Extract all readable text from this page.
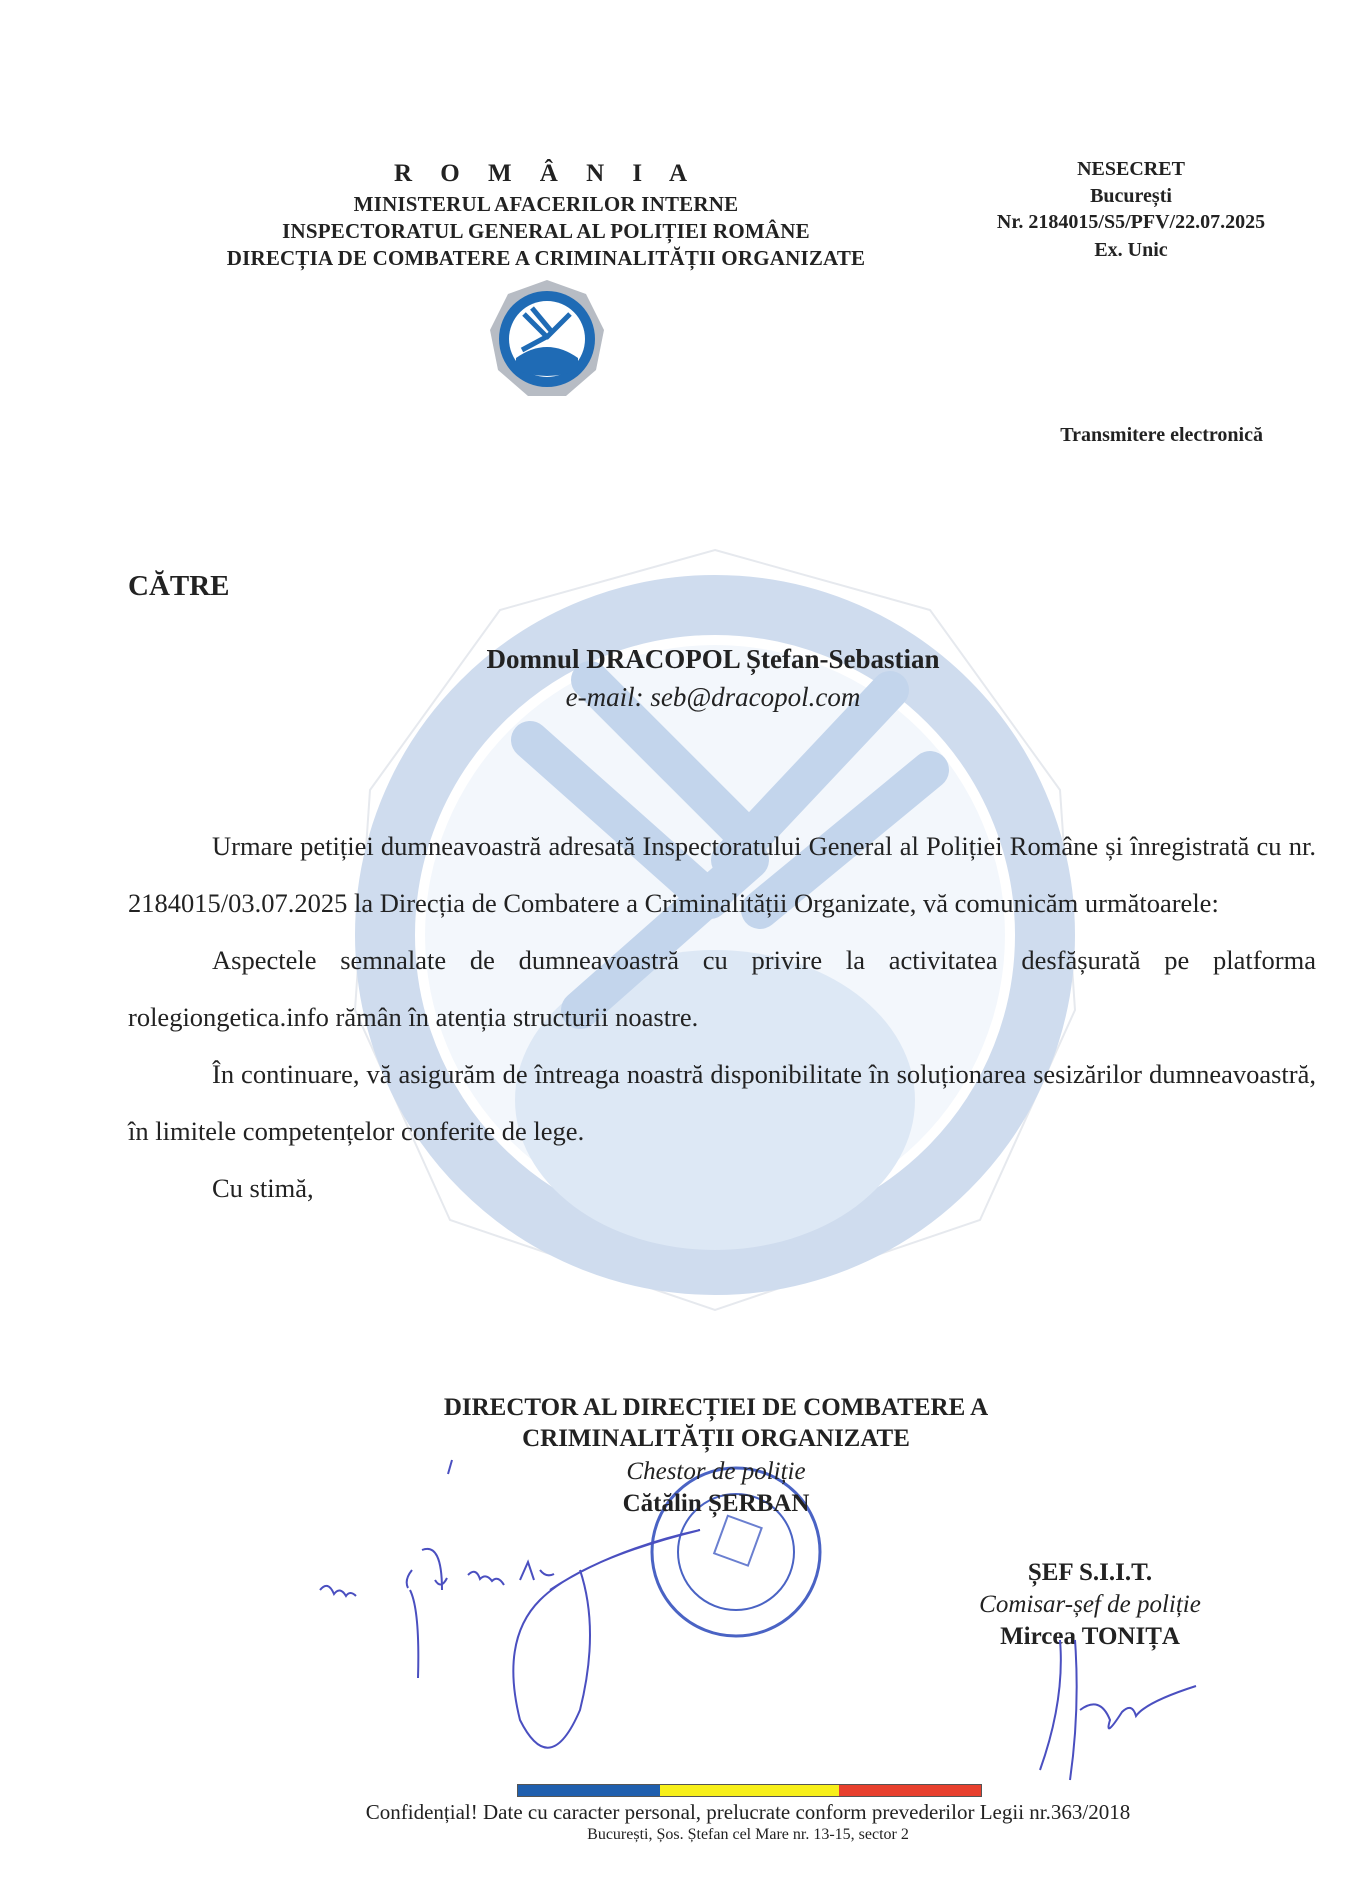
R O M Â N I A
MINISTERUL AFACERILOR INTERNE
INSPECTORATUL GENERAL AL POLIȚIEI ROMÂNE
DIRECȚIA DE COMBATERE A CRIMINALITĂȚII ORGANIZATE
NESECRET
București
Nr. 2184015/S5/PFV/22.07.2025
Ex. Unic
Transmitere electronică
CĂTRE
Domnul DRACOPOL Ștefan-Sebastian
e-mail: seb@dracopol.com

Urmare petiției dumneavoastră adresată Inspectoratului General al Poliției Române și înregistrată cu nr. 2184015/03.07.2025 la Direcția de Combatere a Criminalității Organizate, vă comunicăm următoarele:

Aspectele semnalate de dumneavoastră cu privire la activitatea desfășurată pe platforma rolegiongetica.info rămân în atenția structurii noastre.

În continuare, vă asigurăm de întreaga noastră disponibilitate în soluționarea sesizărilor dumneavoastră, în limitele competențelor conferite de lege.

Cu stimă,

DIRECTOR AL DIRECȚIEI DE COMBATERE A
CRIMINALITĂȚII ORGANIZATE
Chestor de poliție
Cătălin ȘERBAN
ȘEF S.I.I.T.
Comisar-șef de poliție
Mircea TONIȚA
Confidențial! Date cu caracter personal, prelucrate conform prevederilor Legii nr.363/2018
București, Șos. Ștefan cel Mare nr. 13-15, sector 2
